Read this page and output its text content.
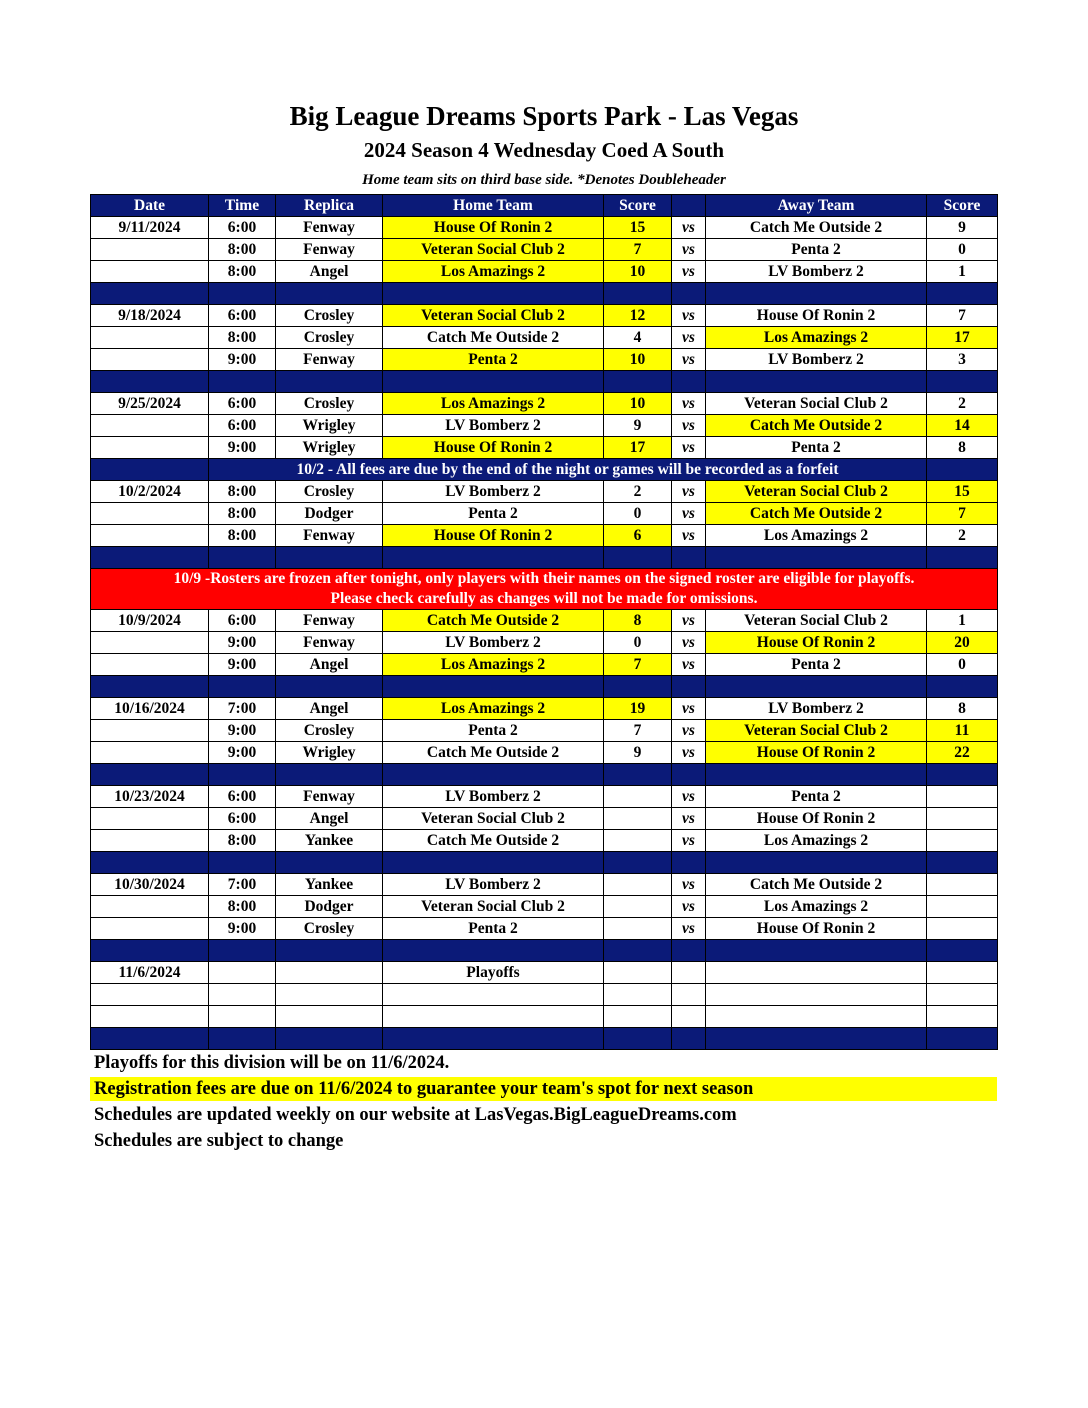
Big League Dreams Sports Park - Las Vegas
2024 Season 4 Wednesday Coed A South
Home team sits on third base side. *Denotes Doubleheader
Date	Time	Replica	Home Team	Score		Away Team	Score
9/11/2024	6:00	Fenway	House Of Ronin 2	15	vs	Catch Me Outside 2	9
	8:00	Fenway	Veteran Social Club 2	7	vs	Penta 2	0
	8:00	Angel	Los Amazings 2	10	vs	LV Bomberz 2	1

9/18/2024	6:00	Crosley	Veteran Social Club 2	12	vs	House Of Ronin 2	7
	8:00	Crosley	Catch Me Outside 2	4	vs	Los Amazings 2	17
	9:00	Fenway	Penta 2	10	vs	LV Bomberz 2	3

9/25/2024	6:00	Crosley	Los Amazings 2	10	vs	Veteran Social Club 2	2
	6:00	Wrigley	LV Bomberz 2	9	vs	Catch Me Outside 2	14
	9:00	Wrigley	House Of Ronin 2	17	vs	Penta 2	8
	10/2 - All fees are due by the end of the night or games will be recorded as a forfeit						
10/2/2024	8:00	Crosley	LV Bomberz 2	2	vs	Veteran Social Club 2	15
	8:00	Dodger	Penta 2	0	vs	Catch Me Outside 2	7
	8:00	Fenway	House Of Ronin 2	6	vs	Los Amazings 2	2

10/9 -Rosters are frozen after tonight, only players with their names on the signed roster are eligible for playoffs.
Please check carefully as changes will not be made for omissions.							

10/9/2024	6:00	Fenway	Catch Me Outside 2	8	vs	Veteran Social Club 2	1
	9:00	Fenway	LV Bomberz 2	0	vs	House Of Ronin 2	20
	9:00	Angel	Los Amazings 2	7	vs	Penta 2	0

10/16/2024	7:00	Angel	Los Amazings 2	19	vs	LV Bomberz 2	8
	9:00	Crosley	Penta 2	7	vs	Veteran Social Club 2	11
	9:00	Wrigley	Catch Me Outside 2	9	vs	House Of Ronin 2	22

10/23/2024	6:00	Fenway	LV Bomberz 2		vs	Penta 2	
	6:00	Angel	Veteran Social Club 2		vs	House Of Ronin 2	
	8:00	Yankee	Catch Me Outside 2		vs	Los Amazings 2	

10/30/2024	7:00	Yankee	LV Bomberz 2		vs	Catch Me Outside 2	
	8:00	Dodger	Veteran Social Club 2		vs	Los Amazings 2	
	9:00	Crosley	Penta 2		vs	House Of Ronin 2	

11/6/2024			Playoffs				

Playoffs for this division will be on 11/6/2024.
Registration fees are due on 11/6/2024 to guarantee your team's spot for next season
Schedules are updated weekly on our website at LasVegas.BigLeagueDreams.com
Schedules are subject to change
